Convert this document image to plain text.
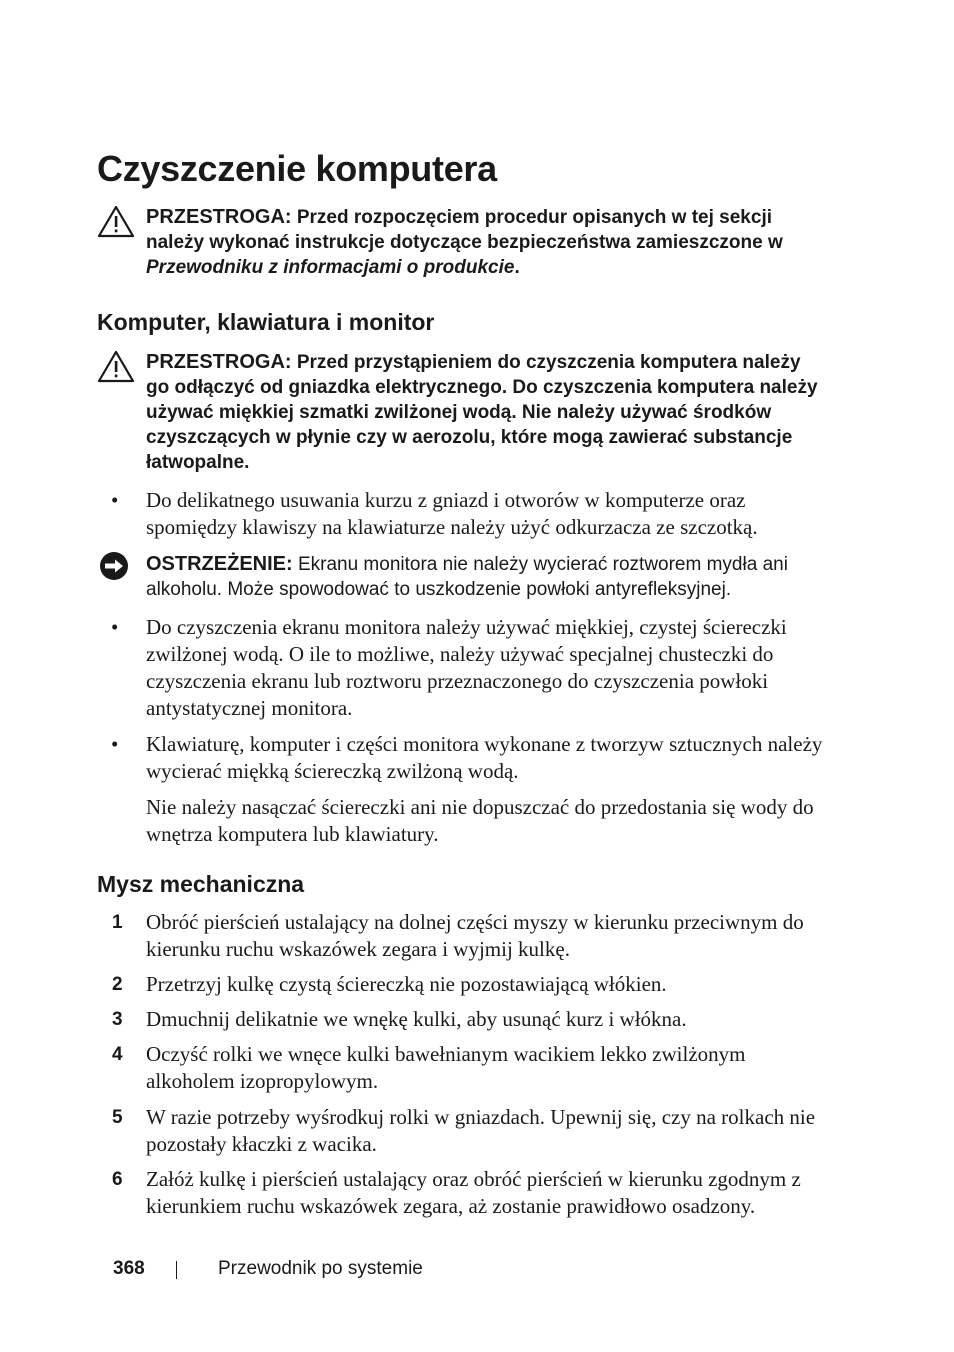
Czyszczenie komputera
PRZESTROGA: Przed rozpoczęciem procedur opisanych w tej sekcji należy wykonać instrukcje dotyczące bezpieczeństwa zamieszczone w Przewodniku z informacjami o produkcie.
Komputer, klawiatura i monitor
PRZESTROGA: Przed przystąpieniem do czyszczenia komputera należy go odłączyć od gniazdka elektrycznego. Do czyszczenia komputera należy używać miękkiej szmatki zwilżonej wodą. Nie należy używać środków czyszczących w płynie czy w aerozolu, które mogą zawierać substancje łatwopalne.
• Do delikatnego usuwania kurzu z gniazd i otworów w komputerze oraz spomiędzy klawiszy na klawiaturze należy użyć odkurzacza ze szczotką.
OSTRZEŻENIE: Ekranu monitora nie należy wycierać roztworem mydła ani alkoholu. Może spowodować to uszkodzenie powłoki antyrefleksyjnej.
• Do czyszczenia ekranu monitora należy używać miękkiej, czystej ściereczki zwilżonej wodą. O ile to możliwe, należy używać specjalnej chusteczki do czyszczenia ekranu lub roztworu przeznaczonego do czyszczenia powłoki antystatycznej monitora.
• Klawiaturę, komputer i części monitora wykonane z tworzyw sztucznych należy wycierać miękką ściereczką zwilżoną wodą.
Nie należy nasączać ściereczki ani nie dopuszczać do przedostania się wody do wnętrza komputera lub klawiatury.
Mysz mechaniczna
1 Obróć pierścień ustalający na dolnej części myszy w kierunku przeciwnym do kierunku ruchu wskazówek zegara i wyjmij kulkę.
2 Przetrzyj kulkę czystą ściereczką nie pozostawiającą włókien.
3 Dmuchnij delikatnie we wnękę kulki, aby usunąć kurz i włókna.
4 Oczyść rolki we wnęce kulki bawełnianym wacikiem lekko zwilżonym alkoholem izopropylowym.
5 W razie potrzeby wyśrodkuj rolki w gniazdach. Upewnij się, czy na rolkach nie pozostały kłaczki z wacika.
6 Załóż kulkę i pierścień ustalający oraz obróć pierścień w kierunku zgodnym z kierunkiem ruchu wskazówek zegara, aż zostanie prawidłowo osadzony.
368	Przewodnik po systemie
